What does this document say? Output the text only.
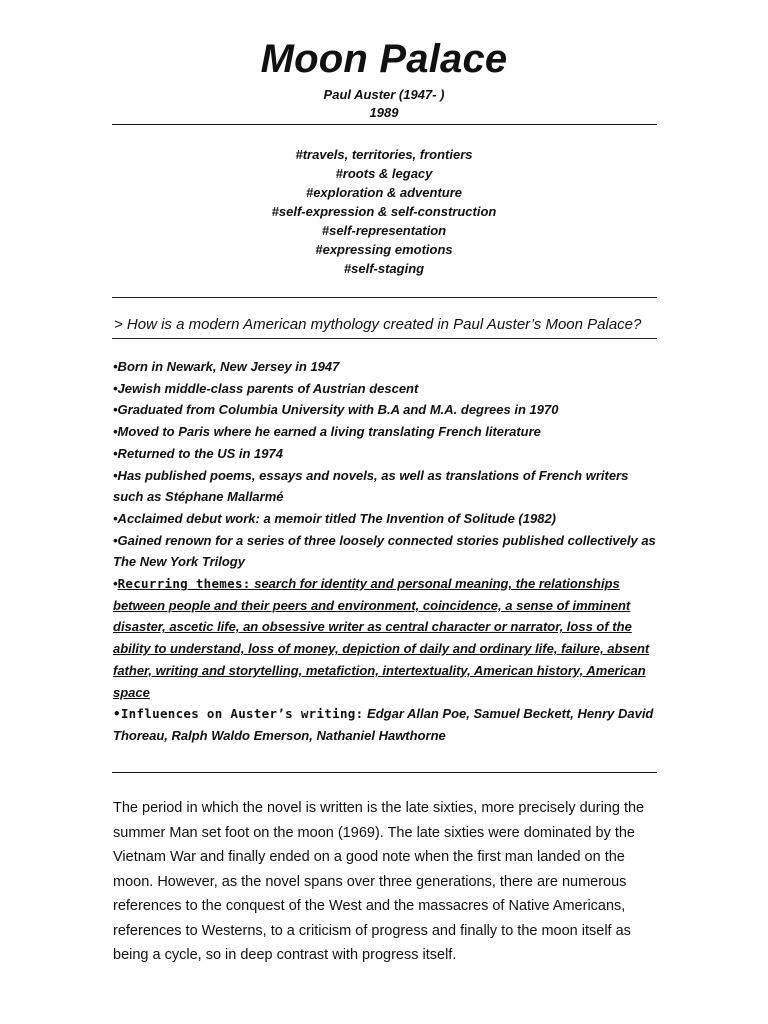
Moon Palace
Paul Auster (1947- )
1989
#travels, territories, frontiers
#roots & legacy
#exploration & adventure
#self-expression & self-construction
#self-representation
#expressing emotions
#self-staging
> How is a modern American mythology created in Paul Auster’s Moon Palace?

•Born in Newark, New Jersey in 1947

•Jewish middle-class parents of Austrian descent

•Graduated from Columbia University with B.A and M.A. degrees in 1970

•Moved to Paris where he earned a living translating French literature

•Returned to the US in 1974

•Has published poems, essays and novels, as well as translations of French writers such as Stéphane Mallarmé

•Acclaimed debut work: a memoir titled The Invention of Solitude (1982)

•Gained renown for a series of three loosely connected stories published collectively as The New York Trilogy

•Recurring themes: search for identity and personal meaning, the relationships between people and their peers and environment, coincidence, a sense of imminent disaster, ascetic life, an obsessive writer as central character or narrator, loss of the ability to understand, loss of money, depiction of daily and ordinary life, failure, absent father, writing and storytelling, metafiction, intertextuality, American history, American space

•Influences on Auster’s writing: Edgar Allan Poe, Samuel Beckett, Henry David Thoreau, Ralph Waldo Emerson, Nathaniel Hawthorne

The period in which the novel is written is the late sixties, more precisely during the summer Man set foot on the moon (1969). The late sixties were dominated by the Vietnam War and finally ended on a good note when the first man landed on the moon. However, as the novel spans over three generations, there are numerous references to the conquest of the West and the massacres of Native Americans, references to Westerns, to a criticism of progress and finally to the moon itself as being a cycle, so in deep contrast with progress itself.
